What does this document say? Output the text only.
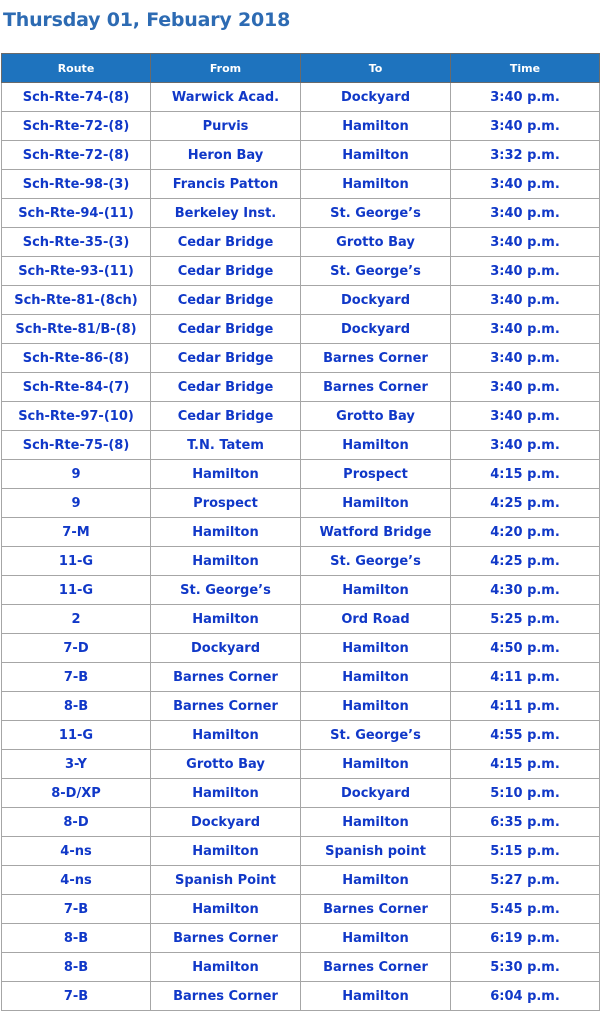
Thursday 01, Febuary 2018
Route	From	To	Time
Sch-Rte-74-(8)	Warwick Acad.	Dockyard	3:40 p.m.
Sch-Rte-72-(8)	Purvis	Hamilton	3:40 p.m.
Sch-Rte-72-(8)	Heron Bay	Hamilton	3:32 p.m.
Sch-Rte-98-(3)	Francis Patton	Hamilton	3:40 p.m.
Sch-Rte-94-(11)	Berkeley Inst.	St. George’s	3:40 p.m.
Sch-Rte-35-(3)	Cedar Bridge	Grotto Bay	3:40 p.m.
Sch-Rte-93-(11)	Cedar Bridge	St. George’s	3:40 p.m.
Sch-Rte-81-(8ch)	Cedar Bridge	Dockyard	3:40 p.m.
Sch-Rte-81/B-(8)	Cedar Bridge	Dockyard	3:40 p.m.
Sch-Rte-86-(8)	Cedar Bridge	Barnes Corner	3:40 p.m.
Sch-Rte-84-(7)	Cedar Bridge	Barnes Corner	3:40 p.m.
Sch-Rte-97-(10)	Cedar Bridge	Grotto Bay	3:40 p.m.
Sch-Rte-75-(8)	T.N. Tatem	Hamilton	3:40 p.m.
9	Hamilton	Prospect	4:15 p.m.
9	Prospect	Hamilton	4:25 p.m.
7-M	Hamilton	Watford Bridge	4:20 p.m.
11-G	Hamilton	St. George’s	4:25 p.m.
11-G	St. George’s	Hamilton	4:30 p.m.
2	Hamilton	Ord Road	5:25 p.m.
7-D	Dockyard	Hamilton	4:50 p.m.
7-B	Barnes Corner	Hamilton	4:11 p.m.
8-B	Barnes Corner	Hamilton	4:11 p.m.
11-G	Hamilton	St. George’s	4:55 p.m.
3-Y	Grotto Bay	Hamilton	4:15 p.m.
8-D/XP	Hamilton	Dockyard	5:10 p.m.
8-D	Dockyard	Hamilton	6:35 p.m.
4-ns	Hamilton	Spanish point	5:15 p.m.
4-ns	Spanish Point	Hamilton	5:27 p.m.
7-B	Hamilton	Barnes Corner	5:45 p.m.
8-B	Barnes Corner	Hamilton	6:19 p.m.
8-B	Hamilton	Barnes Corner	5:30 p.m.
7-B	Barnes Corner	Hamilton	6:04 p.m.
